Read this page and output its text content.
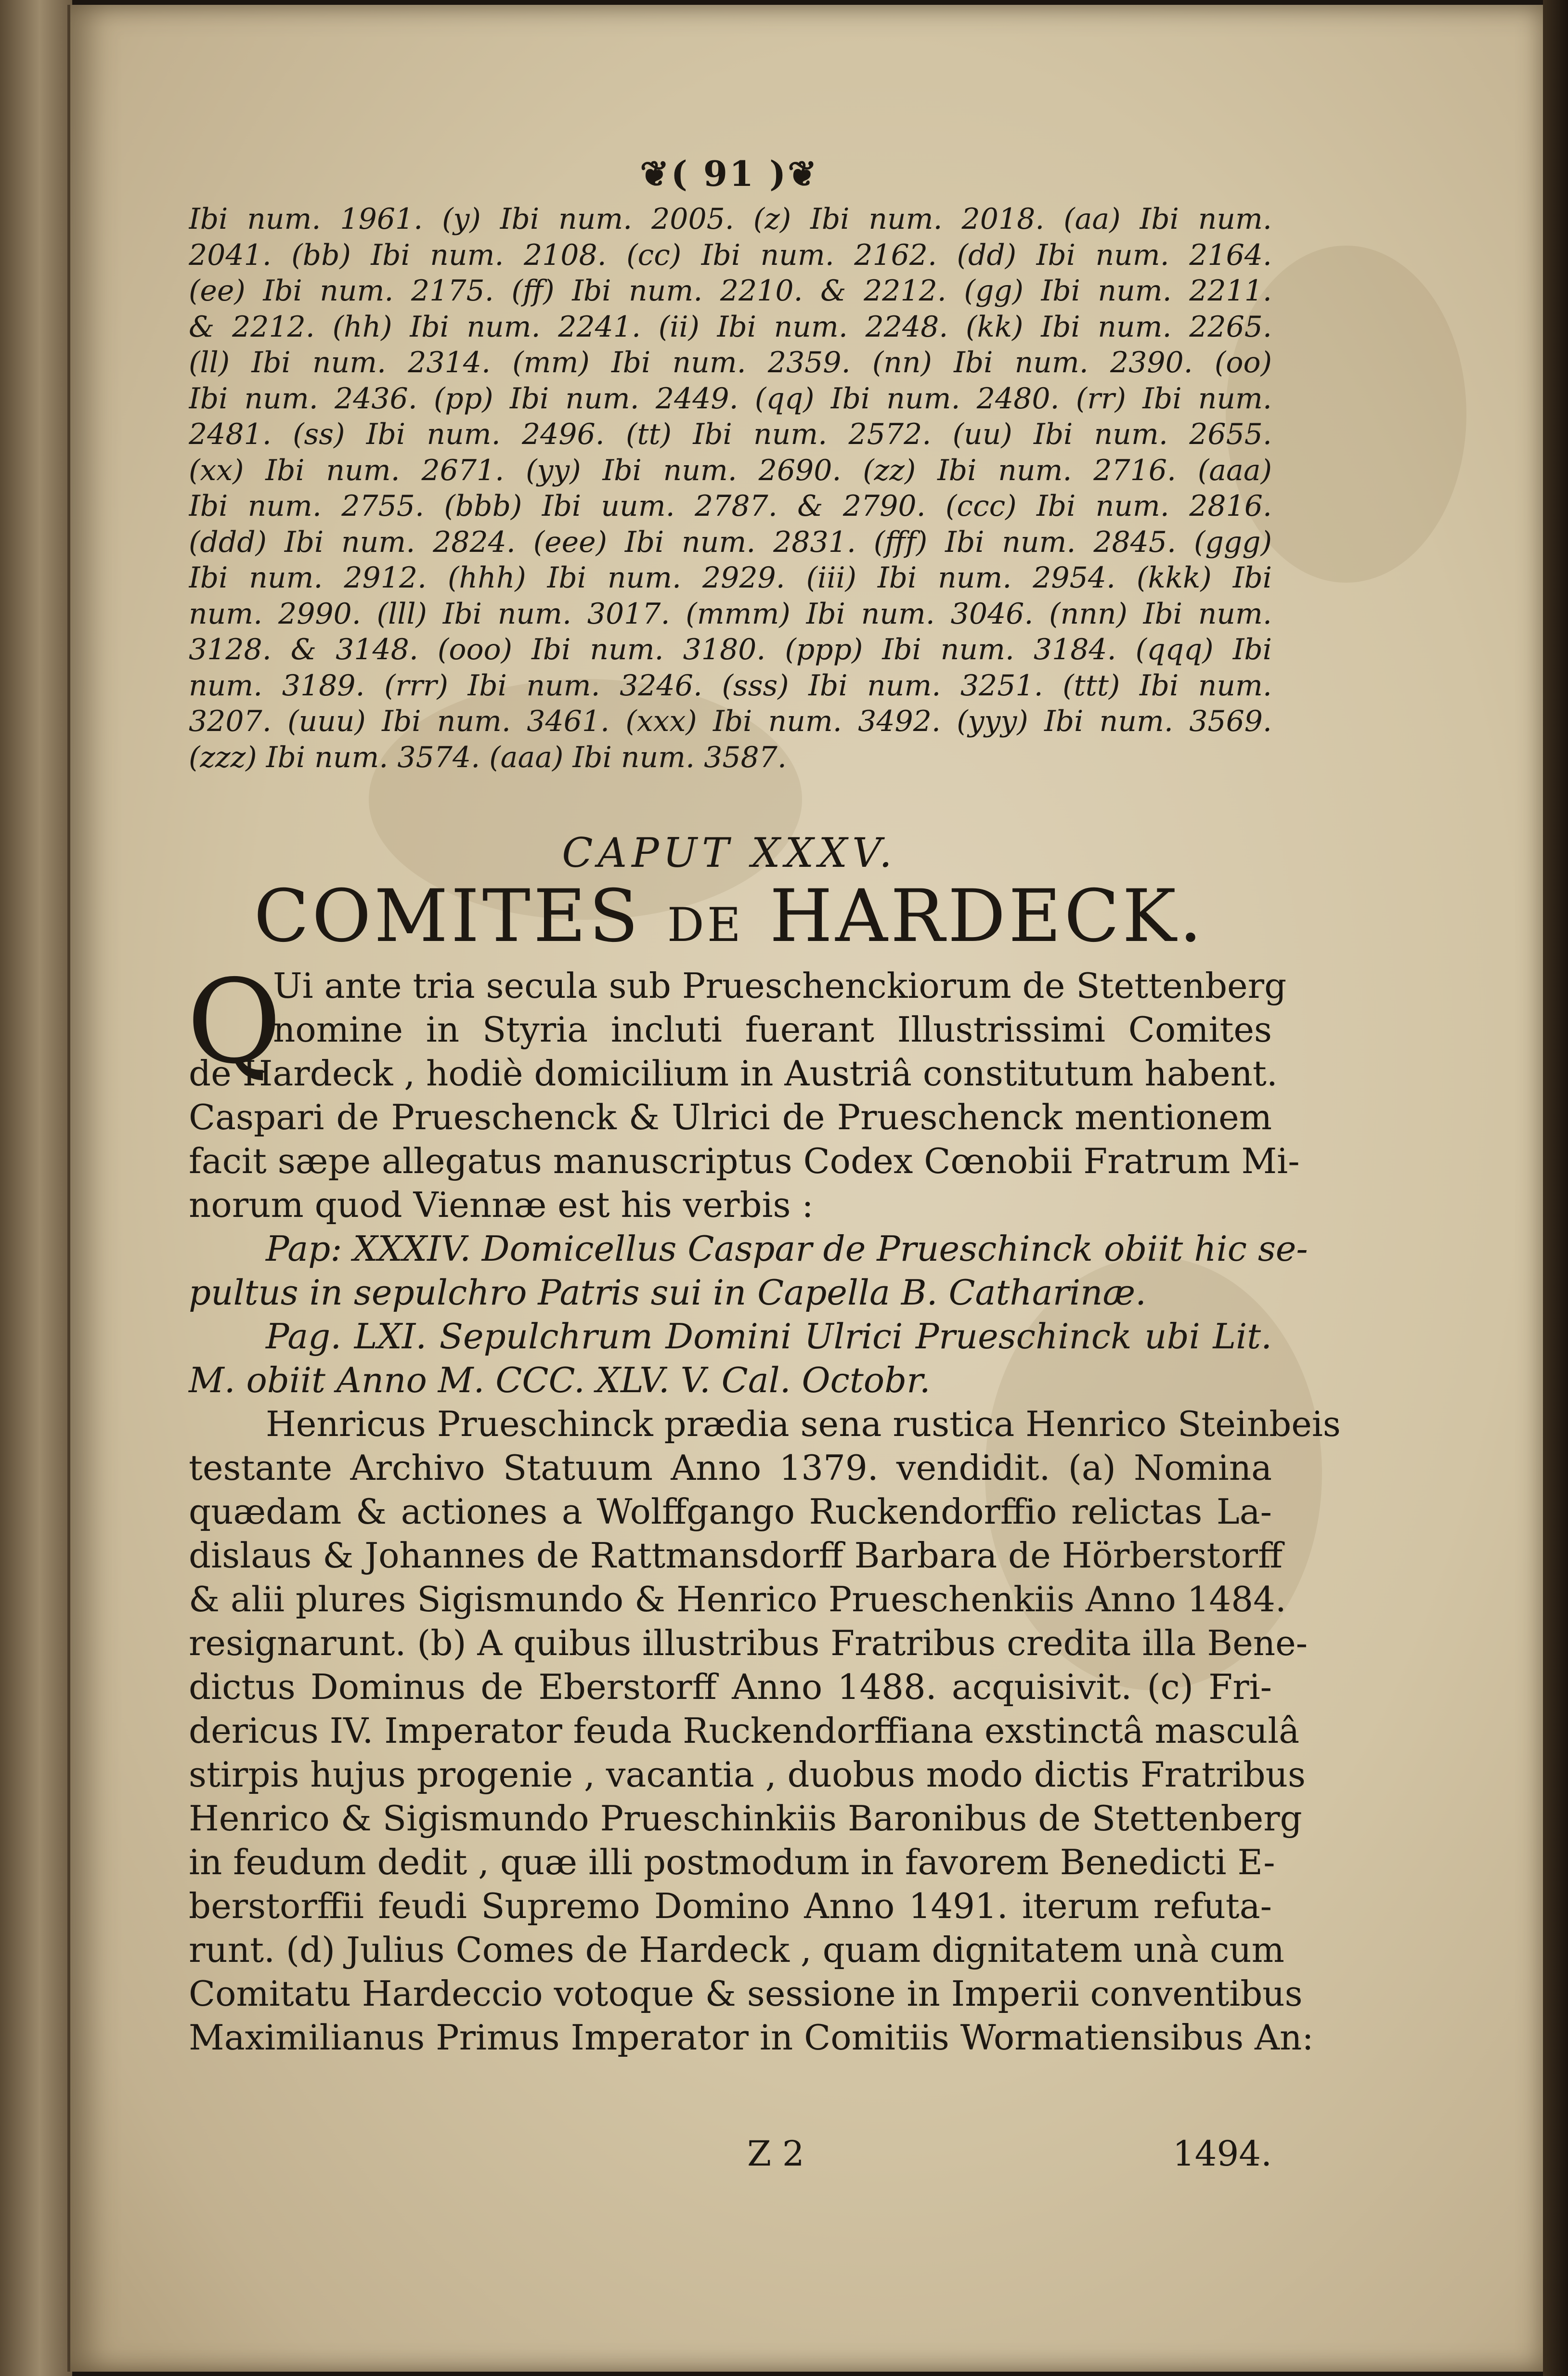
❦( 91 )❦
Ibi num. 1961. (y) Ibi num. 2005. (z) Ibi num. 2018. (aa) Ibi num.
2041. (bb) Ibi num. 2108. (cc) Ibi num. 2162. (dd) Ibi num. 2164.
(ee) Ibi num. 2175. (ff) Ibi num. 2210. & 2212. (gg) Ibi num. 2211.
& 2212. (hh) Ibi num. 2241. (ii) Ibi num. 2248. (kk) Ibi num. 2265.
(ll) Ibi num. 2314. (mm) Ibi num. 2359. (nn) Ibi num. 2390. (oo)
Ibi num. 2436. (pp) Ibi num. 2449. (qq) Ibi num. 2480. (rr) Ibi num.
2481. (ss) Ibi num. 2496. (tt) Ibi num. 2572. (uu) Ibi num. 2655.
(xx) Ibi num. 2671. (yy) Ibi num. 2690. (zz) Ibi num. 2716. (aaa)
Ibi num. 2755. (bbb) Ibi uum. 2787. & 2790. (ccc) Ibi num. 2816.
(ddd) Ibi num. 2824. (eee) Ibi num. 2831. (fff) Ibi num. 2845. (ggg)
Ibi num. 2912. (hhh) Ibi num. 2929. (iii) Ibi num. 2954. (kkk) Ibi
num. 2990. (lll) Ibi num. 3017. (mmm) Ibi num. 3046. (nnn) Ibi num.
3128. & 3148. (ooo) Ibi num. 3180. (ppp) Ibi num. 3184. (qqq) Ibi
num. 3189. (rrr) Ibi num. 3246. (sss) Ibi num. 3251. (ttt) Ibi num.
3207. (uuu) Ibi num. 3461. (xxx) Ibi num. 3492. (yyy) Ibi num. 3569.
(zzz) Ibi num. 3574. (aaa) Ibi num. 3587.
CAPUT XXXV.
COMITES DE HARDECK.
Q
Ui ante tria secula sub Prueschenckiorum de Stettenberg
nomine in Styria incluti fuerant Illustrissimi Comites
de Hardeck , hodiè domicilium in Austriâ constitutum habent.
Caspari de Prueschenck & Ulrici de Prueschenck mentionem
facit sæpe allegatus manuscriptus Codex Cœnobii Fratrum Mi-
norum quod Viennæ est his verbis :
Pap: XXXIV. Domicellus Caspar de Prueschinck obiit hic se-
pultus in sepulchro Patris sui in Capella B. Catharinæ.
Pag. LXI. Sepulchrum Domini Ulrici Prueschinck ubi Lit.
M. obiit Anno M. CCC. XLV. V. Cal. Octobr.
Henricus Prueschinck prædia sena rustica Henrico Steinbeis
testante Archivo Statuum Anno 1379. vendidit. (a) Nomina
quædam & actiones a Wolffgango Ruckendorffio relictas La-
dislaus & Johannes de Rattmansdorff Barbara de Hörberstorff
& alii plures Sigismundo & Henrico Prueschenkiis Anno 1484.
resignarunt. (b) A quibus illustribus Fratribus credita illa Bene-
dictus Dominus de Eberstorff Anno 1488. acquisivit. (c) Fri-
dericus IV. Imperator feuda Ruckendorffiana exstinctâ masculâ
stirpis hujus progenie , vacantia , duobus modo dictis Fratribus
Henrico & Sigismundo Prueschinkiis Baronibus de Stettenberg
in feudum dedit , quæ illi postmodum in favorem Benedicti E-
berstorffii feudi Supremo Domino Anno 1491. iterum refuta-
runt. (d) Julius Comes de Hardeck , quam dignitatem unà cum
Comitatu Hardeccio votoque & sessione in Imperii conventibus
Maximilianus Primus Imperator in Comitiis Wormatiensibus An:
Z 2	1494.
